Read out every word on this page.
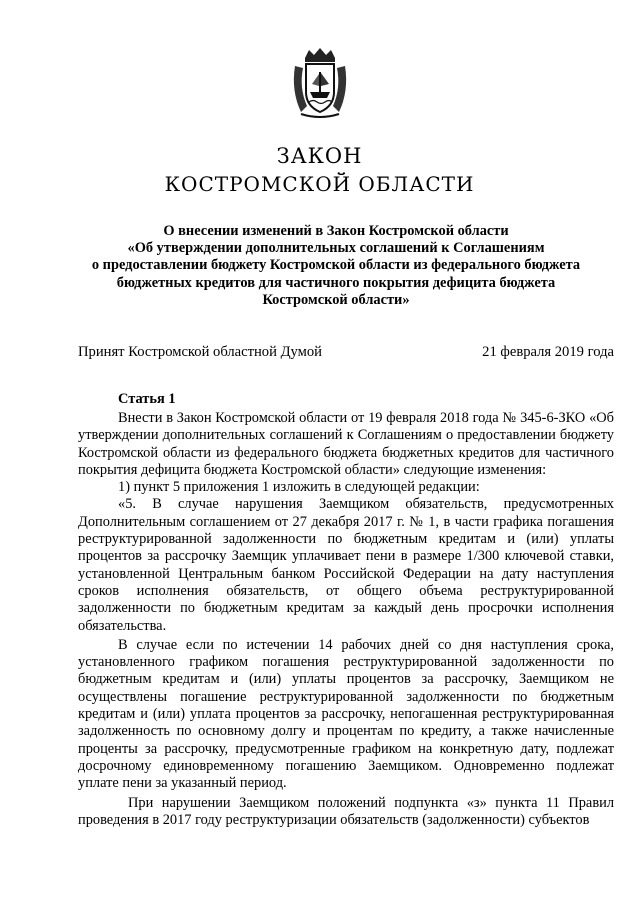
ЗАКОН
КОСТРОМСКОЙ ОБЛАСТИ
О внесении изменений в Закон Костромской области
«Об утверждении дополнительных соглашений к Соглашениям
о предоставлении бюджету Костромской области из федерального бюджета
бюджетных кредитов для частичного покрытия дефицита бюджета
Костромской области»
Принят Костромской областной Думой	21 февраля 2019 года
Статья 1

Внести в Закон Костромской области от 19 февраля 2018 года № 345-6-ЗКО «Об утверждении дополнительных соглашений к Соглашениям о предоставлении бюджету Костромской области из федерального бюджета бюджетных кредитов для частичного покрытия дефицита бюджета Костромской области» следующие изменения:

1) пункт 5 приложения 1 изложить в следующей редакции:

«5. В случае нарушения Заемщиком обязательств, предусмотренных Дополнительным соглашением от 27 декабря 2017 г. № 1, в части графика погашения реструктурированной задолженности по бюджетным кредитам и (или) уплаты процентов за рассрочку Заемщик уплачивает пени в размере 1/300 ключевой ставки, установленной Центральным банком Российской Федерации на дату наступления сроков исполнения обязательств, от общего объема реструктурированной задолженности по бюджетным кредитам за каждый день просрочки исполнения обязательства.

В случае если по истечении 14 рабочих дней со дня наступления срока, установленного графиком погашения реструктурированной задолженности по бюджетным кредитам и (или) уплаты процентов за рассрочку, Заемщиком не осуществлены погашение реструктурированной задолженности по бюджетным кредитам и (или) уплата процентов за рассрочку, непогашенная реструктурированная задолженность по основному долгу и процентам по кредиту, а также начисленные проценты за рассрочку, предусмотренные графиком на конкретную дату, подлежат досрочному единовременному погашению Заемщиком. Одновременно подлежат уплате пени за указанный период.

При нарушении Заемщиком положений подпункта «з» пункта 11 Правил проведения в 2017 году реструктуризации обязательств (задолженности) субъектов
